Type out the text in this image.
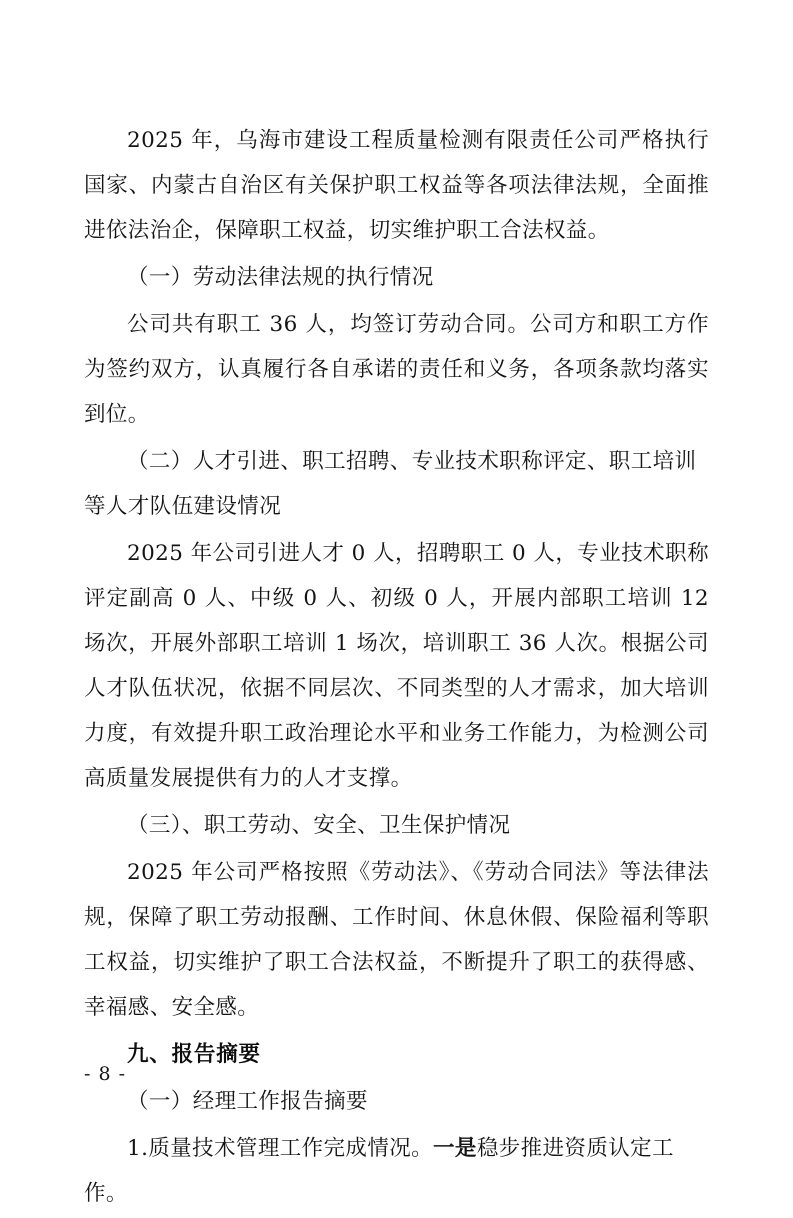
2025 年，乌海市建设工程质量检测有限责任公司严格执行国家、内蒙古自治区有关保护职工权益等各项法律法规，全面推进依法治企，保障职工权益，切实维护职工合法权益。

（一）劳动法律法规的执行情况

公司共有职工 36 人，均签订劳动合同。公司方和职工方作为签约双方，认真履行各自承诺的责任和义务，各项条款均落实到位。

（二）人才引进、职工招聘、专业技术职称评定、职工培训等人才队伍建设情况

2025 年公司引进人才 0 人，招聘职工 0 人，专业技术职称评定副高 0 人、中级 0 人、初级 0 人，开展内部职工培训 12 场次，开展外部职工培训 1 场次，培训职工 36 人次。根据公司人才队伍状况，依据不同层次、不同类型的人才需求，加大培训力度，有效提升职工政治理论水平和业务工作能力，为检测公司高质量发展提供有力的人才支撑。

（三）、职工劳动、安全、卫生保护情况

2025 年公司严格按照《劳动法》、《劳动合同法》等法律法规，保障了职工劳动报酬、工作时间、休息休假、保险福利等职工权益，切实维护了职工合法权益，不断提升了职工的获得感、幸福感、安全感。

九、报告摘要

（一）经理工作报告摘要

1.质量技术管理工作完成情况。一是稳步推进资质认定工作。

- 8 -
